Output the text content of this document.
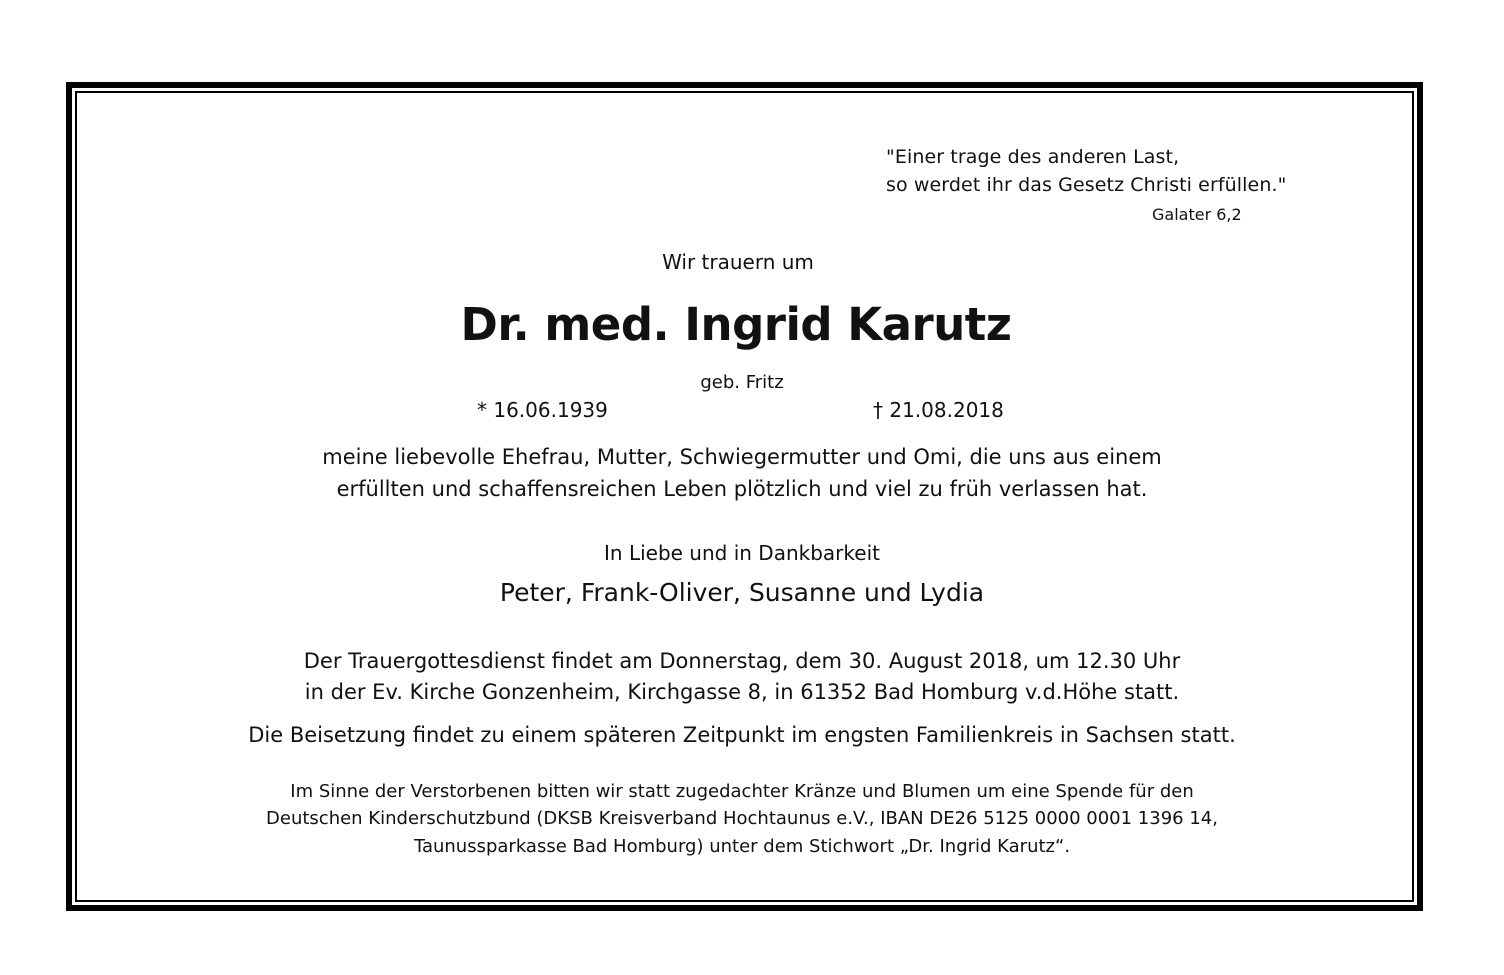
"Einer trage des anderen Last,
so werdet ihr das Gesetz Christi erfüllen."
Galater 6,2
Wir trauern um
Dr. med. Ingrid Karutz
geb. Fritz
* 16.06.1939	† 21.08.2018
meine liebevolle Ehefrau, Mutter, Schwiegermutter und Omi, die uns aus einem
erfüllten und schaffensreichen Leben plötzlich und viel zu früh verlassen hat.
In Liebe und in Dankbarkeit
Peter, Frank-Oliver, Susanne und Lydia
Der Trauergottesdienst findet am Donnerstag, dem 30. August 2018, um 12.30 Uhr
in der Ev. Kirche Gonzenheim, Kirchgasse 8, in 61352 Bad Homburg v.d.Höhe statt.
Die Beisetzung findet zu einem späteren Zeitpunkt im engsten Familienkreis in Sachsen statt.
Im Sinne der Verstorbenen bitten wir statt zugedachter Kränze und Blumen um eine Spende für den
Deutschen Kinderschutzbund (DKSB Kreisverband Hochtaunus e.V., IBAN DE26 5125 0000 0001 1396 14,
Taunussparkasse Bad Homburg) unter dem Stichwort „Dr. Ingrid Karutz“.
